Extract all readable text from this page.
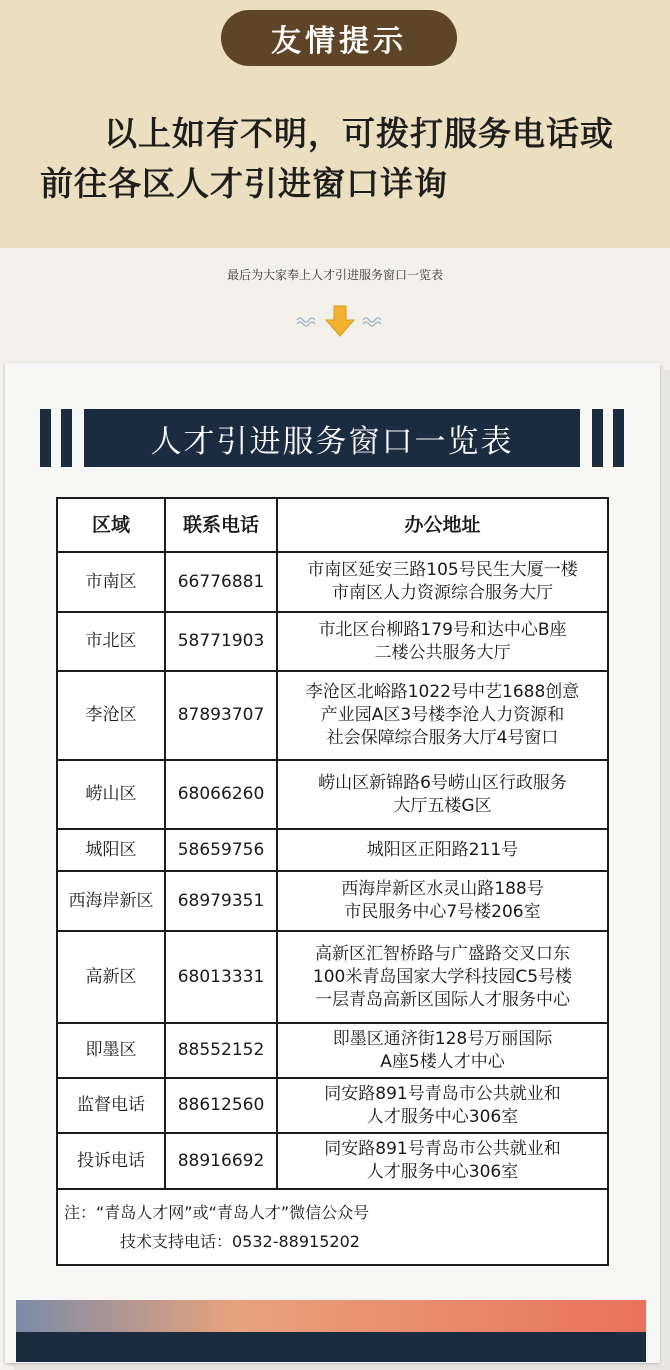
友情提示
以上如有不明，可拨打服务电话或
前往各区人才引进窗口详询
最后为大家奉上人才引进服务窗口一览表
人才引进服务窗口一览表
区域	联系电话	办公地址
市南区	66776881	市南区延安三路105号民生大厦一楼
市南区人力资源综合服务大厅

市北区	58771903	市北区台柳路179号和达中心B座
二楼公共服务大厅

李沧区	87893707	李沧区北峪路1022号中艺1688创意
产业园A区3号楼李沧人力资源和
社会保障综合服务大厅4号窗口

崂山区	68066260	崂山区新锦路6号崂山区行政服务
大厅五楼G区

城阳区	58659756	城阳区正阳路211号

西海岸新区	68979351	西海岸新区水灵山路188号
市民服务中心7号楼206室

高新区	68013331	高新区汇智桥路与广盛路交叉口东
100米青岛国家大学科技园C5号楼
一层青岛高新区国际人才服务中心

即墨区	88552152	即墨区通济街128号万丽国际
A座5楼人才中心

监督电话	88612560	同安路891号青岛市公共就业和
人才服务中心306室

投诉电话	88916692	同安路891号青岛市公共就业和
人才服务中心306室

注：“青岛人才网”或“青岛人才”微信公众号
技术支持电话：0532-88915202		
